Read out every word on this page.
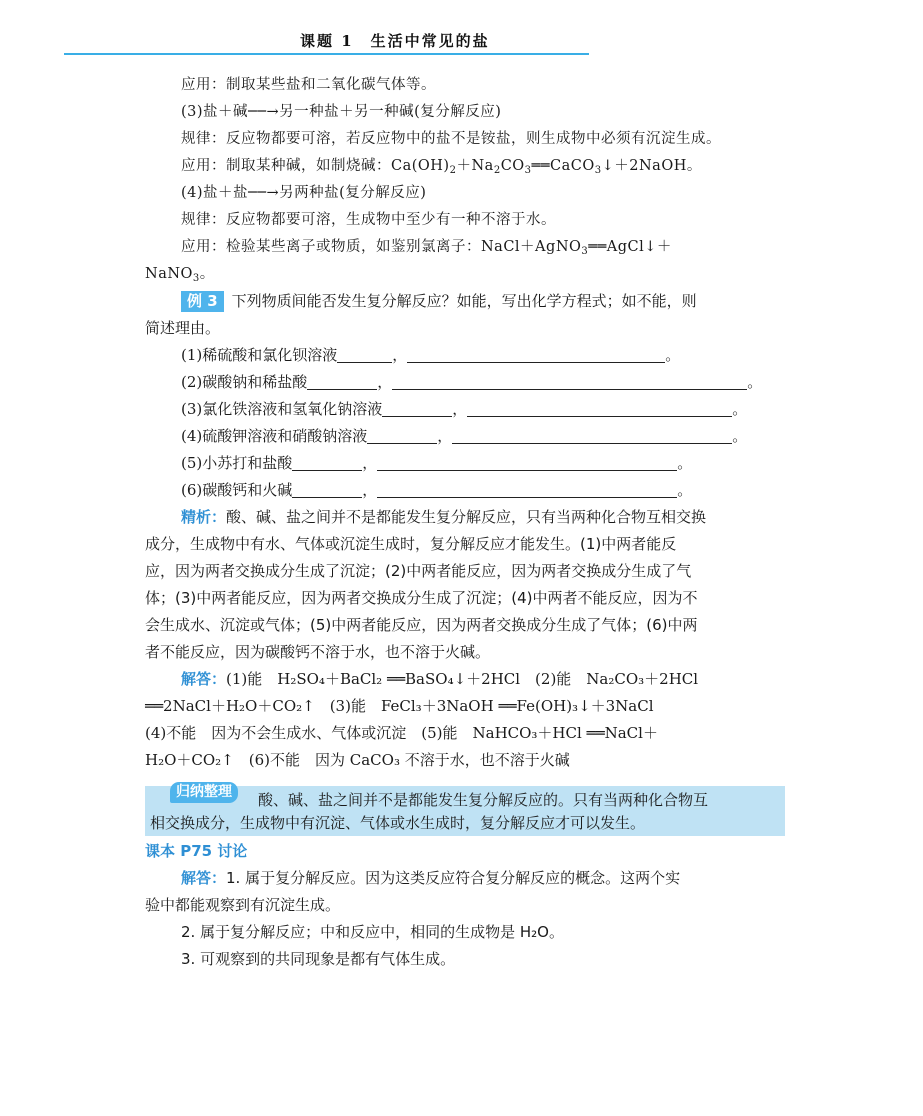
课题 1　生活中常见的盐
应用：制取某些盐和二氧化碳气体等。
(3)盐＋碱──→另一种盐＋另一种碱(复分解反应)
规律：反应物都要可溶，若反应物中的盐不是铵盐，则生成物中必须有沉淀生成。
应用：制取某种碱，如制烧碱：$Ca(OH)_2+Na_2CO_3══CaCO_3↓+2NaOH$。
(4)盐＋盐──→另两种盐(复分解反应)
规律：反应物都要可溶，生成物中至少有一种不溶于水。
应用：检验某些离子或物质，如鉴别氯离子：NaCl＋AgNO$_3$══AgCl↓＋
NaNO$_3$。
例 3 下列物质间能否发生复分解反应？如能，写出化学方程式；如不能，则
简述理由。
(1)稀硫酸和氯化钡溶液	，	。
(2)碳酸钠和稀盐酸	，	。
(3)氯化铁溶液和氢氧化钠溶液	，	。
(4)硫酸钾溶液和硝酸钠溶液	，	。
(5)小苏打和盐酸	，	。
(6)碳酸钙和火碱	，	。
精析：酸、碱、盐之间并不是都能发生复分解反应，只有当两种化合物互相交换
成分，生成物中有水、气体或沉淀生成时，复分解反应才能发生。(1)中两者能反
应，因为两者交换成分生成了沉淀；(2)中两者能反应，因为两者交换成分生成了气
体；(3)中两者能反应，因为两者交换成分生成了沉淀；(4)中两者不能反应，因为不
会生成水、沉淀或气体；(5)中两者能反应，因为两者交换成分生成了气体；(6)中两
者不能反应，因为碳酸钙不溶于水，也不溶于火碱。
解答：(1)能　H₂SO₄＋BaCl₂ ══BaSO₄↓＋2HCl　(2)能　Na₂CO₃＋2HCl
══2NaCl＋H₂O＋CO₂↑　(3)能　FeCl₃＋3NaOH ══Fe(OH)₃↓＋3NaCl
(4)不能　因为不会生成水、气体或沉淀　(5)能　NaHCO₃＋HCl ══NaCl＋
H₂O＋CO₂↑　(6)不能　因为 CaCO₃ 不溶于水，也不溶于火碱
归纳整理	酸、碱、盐之间并不是都能发生复分解反应的。只有当两种化合物互
相交换成分，生成物中有沉淀、气体或水生成时，复分解反应才可以发生。
课本 P75 讨论
解答：1. 属于复分解反应。因为这类反应符合复分解反应的概念。这两个实
验中都能观察到有沉淀生成。
2. 属于复分解反应；中和反应中，相同的生成物是 H₂O。
3. 可观察到的共同现象是都有气体生成。
